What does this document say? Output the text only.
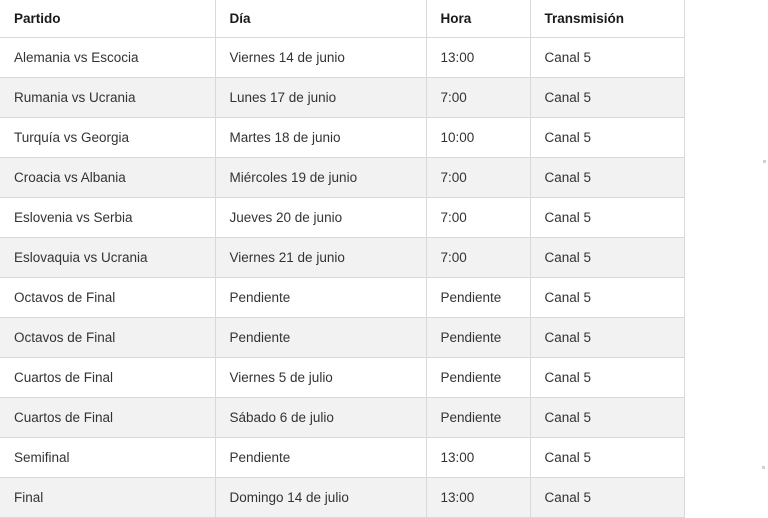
Partido	Día	Hora	Transmisión
Alemania vs Escocia	Viernes 14 de junio	13:00	Canal 5
Rumania vs Ucrania	Lunes 17 de junio	7:00	Canal 5
Turquía vs Georgia	Martes 18 de junio	10:00	Canal 5
Croacia vs Albania	Miércoles 19 de junio	7:00	Canal 5
Eslovenia vs Serbia	Jueves 20 de junio	7:00	Canal 5
Eslovaquia vs Ucrania	Viernes 21 de junio	7:00	Canal 5
Octavos de Final	Pendiente	Pendiente	Canal 5
Octavos de Final	Pendiente	Pendiente	Canal 5
Cuartos de Final	Viernes 5 de julio	Pendiente	Canal 5
Cuartos de Final	Sábado 6 de julio	Pendiente	Canal 5
Semifinal	Pendiente	13:00	Canal 5
Final	Domingo 14 de julio	13:00	Canal 5
